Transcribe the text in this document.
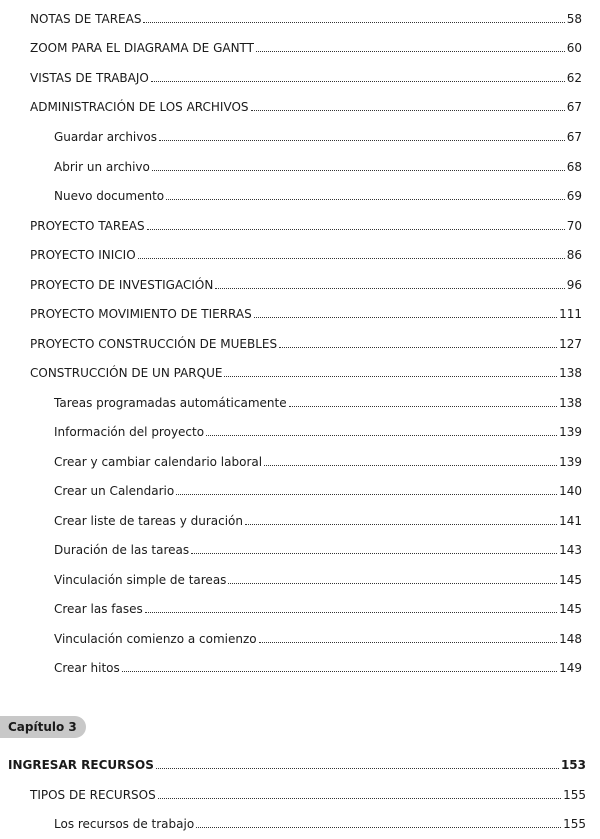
NOTAS DE TAREAS	58
ZOOM PARA EL DIAGRAMA DE GANTT	60
VISTAS DE TRABAJO	62
ADMINISTRACIÓN DE LOS ARCHIVOS	67
Guardar archivos	67
Abrir un archivo	68
Nuevo documento	69
PROYECTO TAREAS	70
PROYECTO INICIO	86
PROYECTO DE INVESTIGACIÓN	96
PROYECTO MOVIMIENTO DE TIERRAS	111
PROYECTO CONSTRUCCIÓN DE MUEBLES	127
CONSTRUCCIÓN DE UN PARQUE	138
Tareas programadas automáticamente	138
Información del proyecto	139
Crear y cambiar calendario laboral	139
Crear un Calendario	140
Crear liste de tareas y duración	141
Duración de las tareas	143
Vinculación simple de tareas	145
Crear las fases	145
Vinculación comienzo a comienzo	148
Crear hitos	149
Capítulo 3
INGRESAR RECURSOS	153
TIPOS DE RECURSOS	155
Los recursos de trabajo	155
